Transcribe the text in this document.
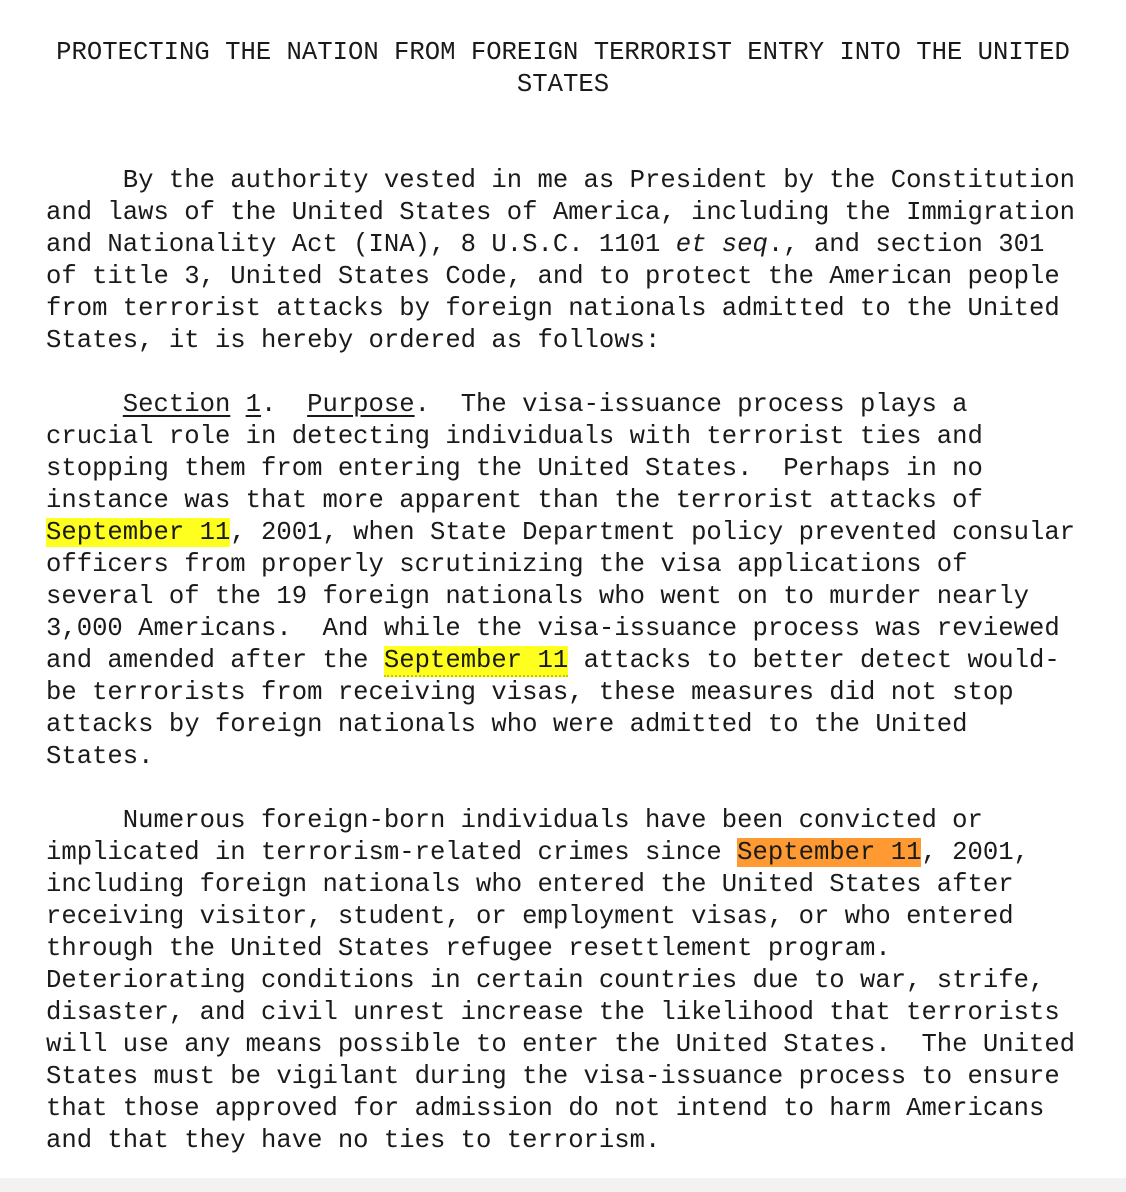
PROTECTING THE NATION FROM FOREIGN TERRORIST ENTRY INTO THE UNITED STATES
By the authority vested in me as President by the Constitution
and laws of the United States of America, including the Immigration
and Nationality Act (INA), 8 U.S.C. 1101 et seq., and section 301
of title 3, United States Code, and to protect the American people
from terrorist attacks by foreign nationals admitted to the United
States, it is hereby ordered as follows:
Section 1.  Purpose.  The visa-issuance process plays a
crucial role in detecting individuals with terrorist ties and
stopping them from entering the United States.  Perhaps in no
instance was that more apparent than the terrorist attacks of
September 11, 2001, when State Department policy prevented consular
officers from properly scrutinizing the visa applications of
several of the 19 foreign nationals who went on to murder nearly
3,000 Americans.  And while the visa-issuance process was reviewed
and amended after the September 11 attacks to better detect would-
be terrorists from receiving visas, these measures did not stop
attacks by foreign nationals who were admitted to the United
States.
Numerous foreign-born individuals have been convicted or
implicated in terrorism-related crimes since September 11, 2001,
including foreign nationals who entered the United States after
receiving visitor, student, or employment visas, or who entered
through the United States refugee resettlement program.
Deteriorating conditions in certain countries due to war, strife,
disaster, and civil unrest increase the likelihood that terrorists
will use any means possible to enter the United States.  The United
States must be vigilant during the visa-issuance process to ensure
that those approved for admission do not intend to harm Americans
and that they have no ties to terrorism.
